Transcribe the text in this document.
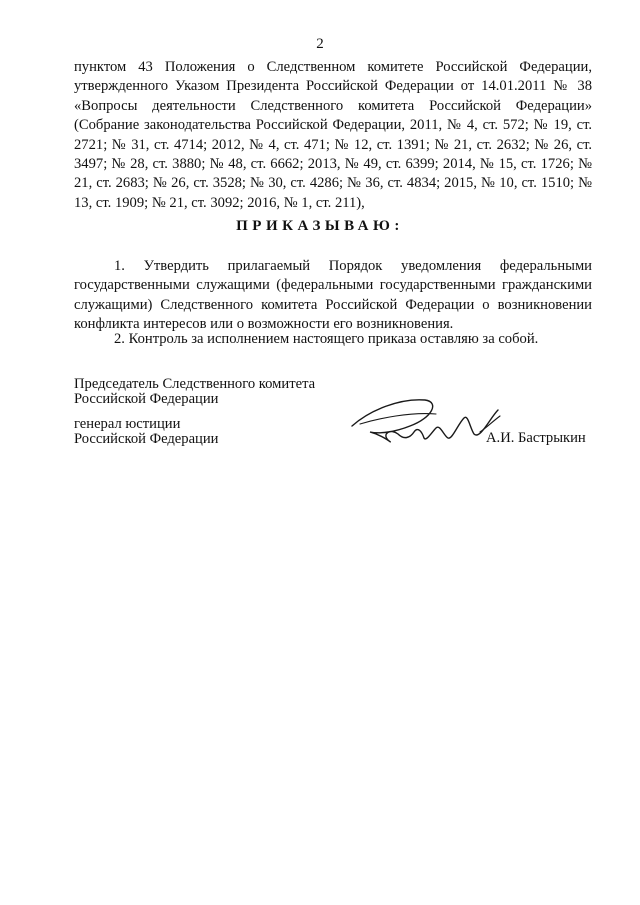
2

пунктом 43 Положения о Следственном комитете Российской Федерации, утвержденного Указом Президента Российской Федерации от 14.01.2011 № 38 «Вопросы деятельности Следственного комитета Российской Федерации» (Собрание законодательства Российской Федерации, 2011, № 4, ст. 572; № 19, ст. 2721; № 31, ст. 4714; 2012, № 4, ст. 471; № 12, ст. 1391; № 21, ст. 2632; № 26, ст. 3497; № 28, ст. 3880; № 48, ст. 6662; 2013, № 49, ст. 6399; 2014, № 15, ст. 1726; № 21, ст. 2683; № 26, ст. 3528; № 30, ст. 4286; № 36, ст. 4834; 2015, № 10, ст. 1510; № 13, ст. 1909; № 21, ст. 3092; 2016, № 1, ст. 211),

ПРИКАЗЫВАЮ:

1. Утвердить прилагаемый Порядок уведомления федеральными государственными служащими (федеральными государственными гражданскими служащими) Следственного комитета Российской Федерации о возникновении конфликта интересов или о возможности его возникновения.

2. Контроль за исполнением настоящего приказа оставляю за собой.

Председатель Следственного комитета
Российской Федерации
генерал юстиции
Российской Федерации	А.И. Бастрыкин
